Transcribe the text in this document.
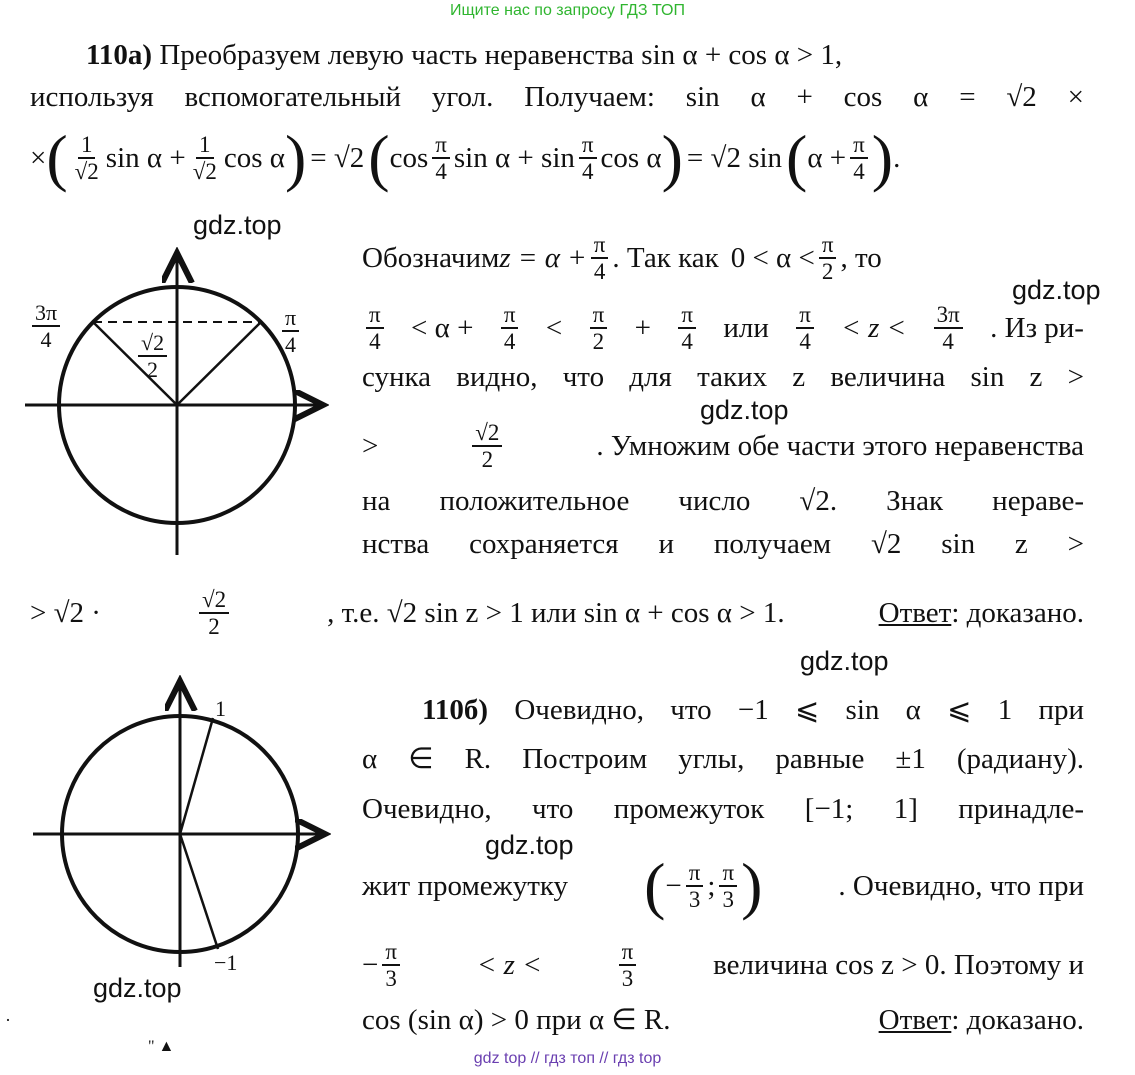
Ищите нас по запросу ГДЗ ТОП
110а) Преобразуем левую часть неравенства sin α + cos α > 1,
используя вспомогательный угол. Получаем: sin α + cos α = √2 ×
× ( $\frac{1}{√2}$ $\sin \alpha + \frac{1}{√2}$ cos α ) = √2 ( $\cos \frac{\pi}{4}$ $\sin \alpha + \sin \frac{\pi}{4}$ cos α ) = √2 sin ( $\alpha + \frac{\pi}{4}$ ) .
$\frac{3\pi}{4}$	$\frac{\pi}{4}$
$\frac{√2}{2}$
gdz.top
gdz.top
gdz.top
gdz.top
gdz.top
gdz.top
Обозначим $z = \alpha + \frac{\pi}{4}$ . Так как $0 < \alpha < \frac{\pi}{2}$ , то
$\frac{\pi}{4} < \alpha + \frac{\pi}{4} < \frac{\pi}{2} + \frac{\pi}{4}$ или $\frac{\pi}{4} < z < \frac{3\pi}{4}$ . Из ри-
сунка видно, что для таких z величина sin z >
>	$\frac{√2}{2}$	. Умножим обе части этого неравенства
на положительное число √2. Знак нераве-
нства сохраняется и получаем √2 sin z >
> √2 ·	$\frac{√2}{2}$	, т.е. √2 sin z > 1 или sin α + cos α > 1.	Ответ: доказано.
1
−1
110б) Очевидно, что −1 ⩽ sin α ⩽ 1 при
α ∈ R. Построим углы, равные ±1 (радиану).
Очевидно, что промежуток [−1; 1] принадле-
жит промежутку ( − $\frac{\pi}{3}$ ; $\frac{\pi}{3}$ )	. Очевидно, что при
− $\frac{\pi}{3}$	< z <	$\frac{\pi}{3}$	величина cos z > 0. Поэтому и
cos (sin α) > 0 при α ∈ R.	Ответ: доказано.
·
" ▲
gdz top // гдз топ // гдз top
